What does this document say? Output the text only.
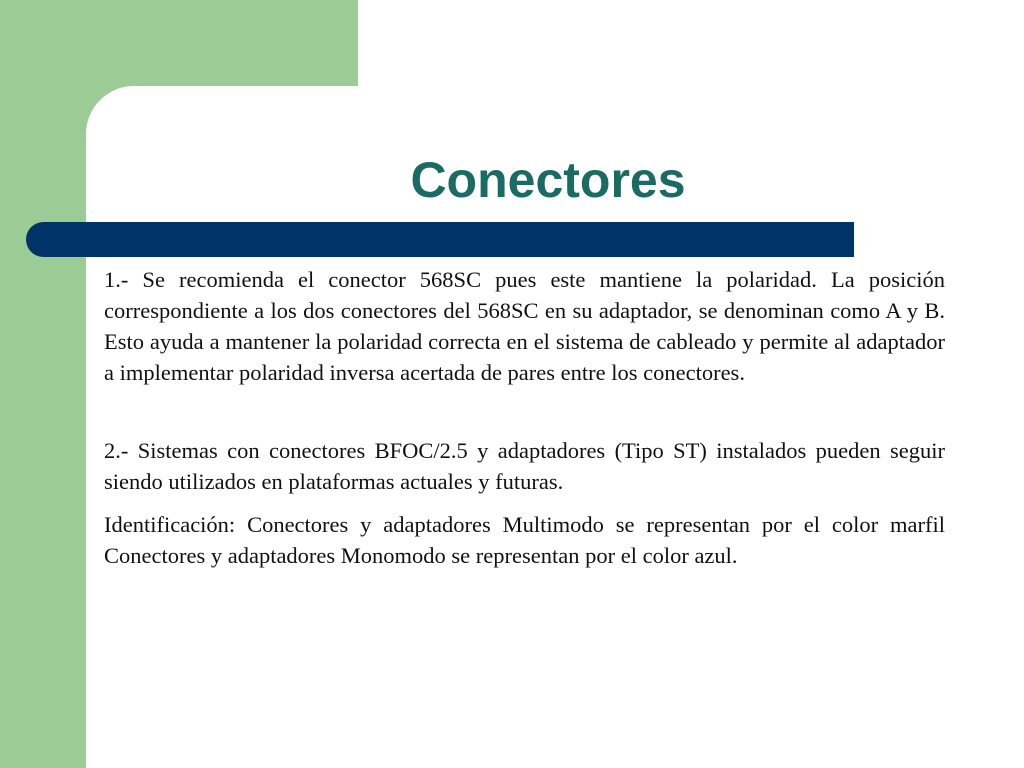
Conectores

1.- Se recomienda el conector 568SC pues este mantiene la polaridad. La posición correspondiente a los dos conectores del 568SC en su adaptador, se denominan como A y B. Esto ayuda a mantener la polaridad correcta en el sistema de cableado y permite al adaptador a implementar polaridad inversa acertada de pares entre los conectores.

2.- Sistemas con conectores BFOC/2.5 y adaptadores (Tipo ST) instalados pueden seguir siendo utilizados en plataformas actuales y futuras.

Identificación: Conectores y adaptadores Multimodo se representan por el color marfil Conectores y adaptadores Monomodo se representan por el color azul.
